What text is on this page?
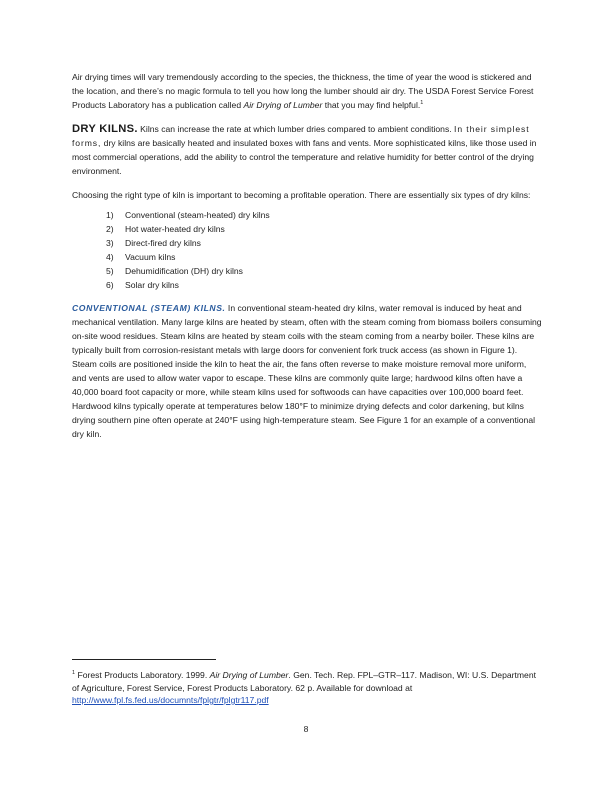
Air drying times will vary tremendously according to the species, the thickness, the time of year the wood is stickered and the location, and there’s no magic formula to tell you how long the lumber should air dry. The USDA Forest Service Forest Products Laboratory has a publication called Air Drying of Lumber that you may find helpful.$^1$

DRY KILNS. Kilns can increase the rate at which lumber dries compared to ambient conditions. In their simplest forms, dry kilns are basically heated and insulated boxes with fans and vents. More sophisticated kilns, like those used in most commercial operations, add the ability to control the temperature and relative humidity for better control of the drying environment.

Choosing the right type of kiln is important to becoming a profitable operation. There are essentially six types of dry kilns:

1)	Conventional (steam-heated) dry kilns
2)	Hot water-heated dry kilns
3)	Direct-fired dry kilns
4)	Vacuum kilns
5)	Dehumidification (DH) dry kilns
6)	Solar dry kilns

CONVENTIONAL (STEAM) KILNS. In conventional steam-heated dry kilns, water removal is induced by heat and mechanical ventilation. Many large kilns are heated by steam, often with the steam coming from biomass boilers consuming on-site wood residues. Steam kilns are heated by steam coils with the steam coming from a nearby boiler. These kilns are typically built from corrosion-resistant metals with large doors for convenient fork truck access (as shown in Figure 1). Steam coils are positioned inside the kiln to heat the air, the fans often reverse to make moisture removal more uniform, and vents are used to allow water vapor to escape. These kilns are commonly quite large; hardwood kilns often have a 40,000 board foot capacity or more, while steam kilns used for softwoods can have capacities over 100,000 board feet. Hardwood kilns typically operate at temperatures below 180°F to minimize drying defects and color darkening, but kilns drying southern pine often operate at 240°F using high-temperature steam. See Figure 1 for an example of a conventional dry kiln.

$^1$ Forest Products Laboratory. 1999. Air Drying of Lumber. Gen. Tech. Rep. FPL–GTR–117. Madison, WI: U.S. Department of Agriculture, Forest Service, Forest Products Laboratory. 62 p. Available for download at http://www.fpl.fs.fed.us/documnts/fplgtr/fplgtr117.pdf

8
